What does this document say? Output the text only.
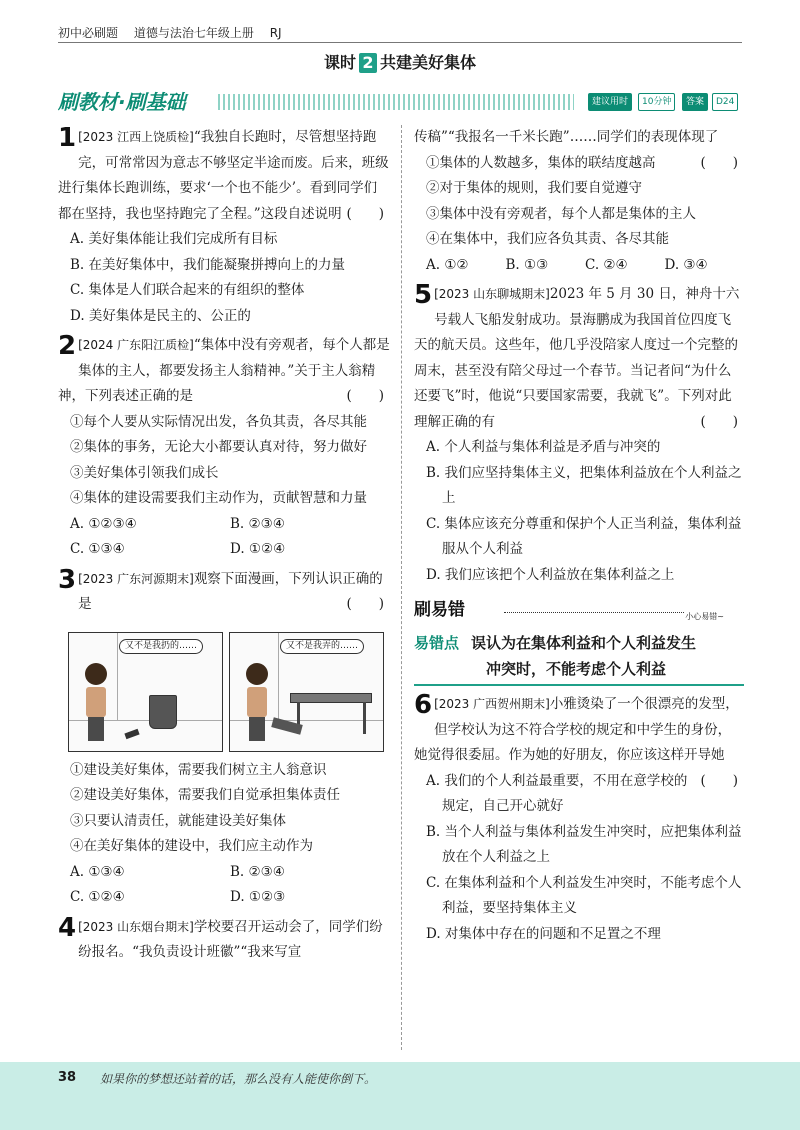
初中必刷题 道德与法治七年级上册 RJ
课时 2 共建美好集体
刷教材·刷基础	建议用时	10分钟	答案	D24
1 [2023 江西上饶质检]“我独自长跑时，尽管想坚持跑完，可常常因为意志不够坚定半途而废。后来，班级进行集体长跑训练，要求‘一个也不能少’。看到同学们都在坚持，我也坚持跑完了全程。”这段自述说明 (　　)
A. 美好集体能让我们完成所有目标
B. 在美好集体中，我们能凝聚拼搏向上的力量
C. 集体是人们联合起来的有组织的整体
D. 美好集体是民主的、公正的
2 [2024 广东阳江质检]“集体中没有旁观者，每个人都是集体的主人，都要发扬主人翁精神。”关于主人翁精神，下列表述正确的是	(　　)
①每个人要从实际情况出发，各负其责，各尽其能
②集体的事务，无论大小都要认真对待，努力做好
③美好集体引领我们成长
④集体的建设需要我们主动作为，贡献智慧和力量
A. ①②③④	B. ②③④
C. ①③④	D. ①②④
3 [2023 广东河源期末]观察下面漫画，下列认识正确的是	(　　)
又不是我扔的……	又不是我弄的……
①建设美好集体，需要我们树立主人翁意识
②建设美好集体，需要我们自觉承担集体责任
③只要认清责任，就能建设美好集体
④在美好集体的建设中，我们应主动作为
A. ①③④	B. ②③④
C. ①②④	D. ①②③
4 [2023 山东烟台期末]学校要召开运动会了，同学们纷纷报名。“我负责设计班徽”“我来写宣
传稿”“我报名一千米长跑”……同学们的表现体现了
(　　)
①集体的人数越多，集体的联结度越高
②对于集体的规则，我们要自觉遵守
③集体中没有旁观者，每个人都是集体的主人
④在集体中，我们应各负其责、各尽其能
A. ①②	B. ①③	C. ②④	D. ③④
5 [2023 山东聊城期末]2023 年 5 月 30 日，神舟十六号载人飞船发射成功。景海鹏成为我国首位四度飞天的航天员。这些年，他几乎没陪家人度过一个完整的周末，甚至没有陪父母过一个春节。当记者问“为什么还要飞”时，他说“只要国家需要，我就飞”。下列对此理解正确的有	(　　)
A. 个人利益与集体利益是矛盾与冲突的
B. 我们应坚持集体主义，把集体利益放在个人利益之上
C. 集体应该充分尊重和保护个人正当利益，集体利益服从个人利益
D. 我们应该把个人利益放在集体利益之上
刷易错	小心易错~
易错点 误认为在集体利益和个人利益发生
冲突时，不能考虑个人利益
6 [2023 广西贺州期末]小雅烫染了一个很漂亮的发型，但学校认为这不符合学校的规定和中学生的身份，她觉得很委屈。作为她的好朋友，你应该这样开导她
(　　)
A. 我们的个人利益最重要，不用在意学校的规定，自己开心就好
B. 当个人利益与集体利益发生冲突时，应把集体利益放在个人利益之上
C. 在集体利益和个人利益发生冲突时，不能考虑个人利益，要坚持集体主义
D. 对集体中存在的问题和不足置之不理
38 如果你的梦想还站着的话，那么没有人能使你倒下。
